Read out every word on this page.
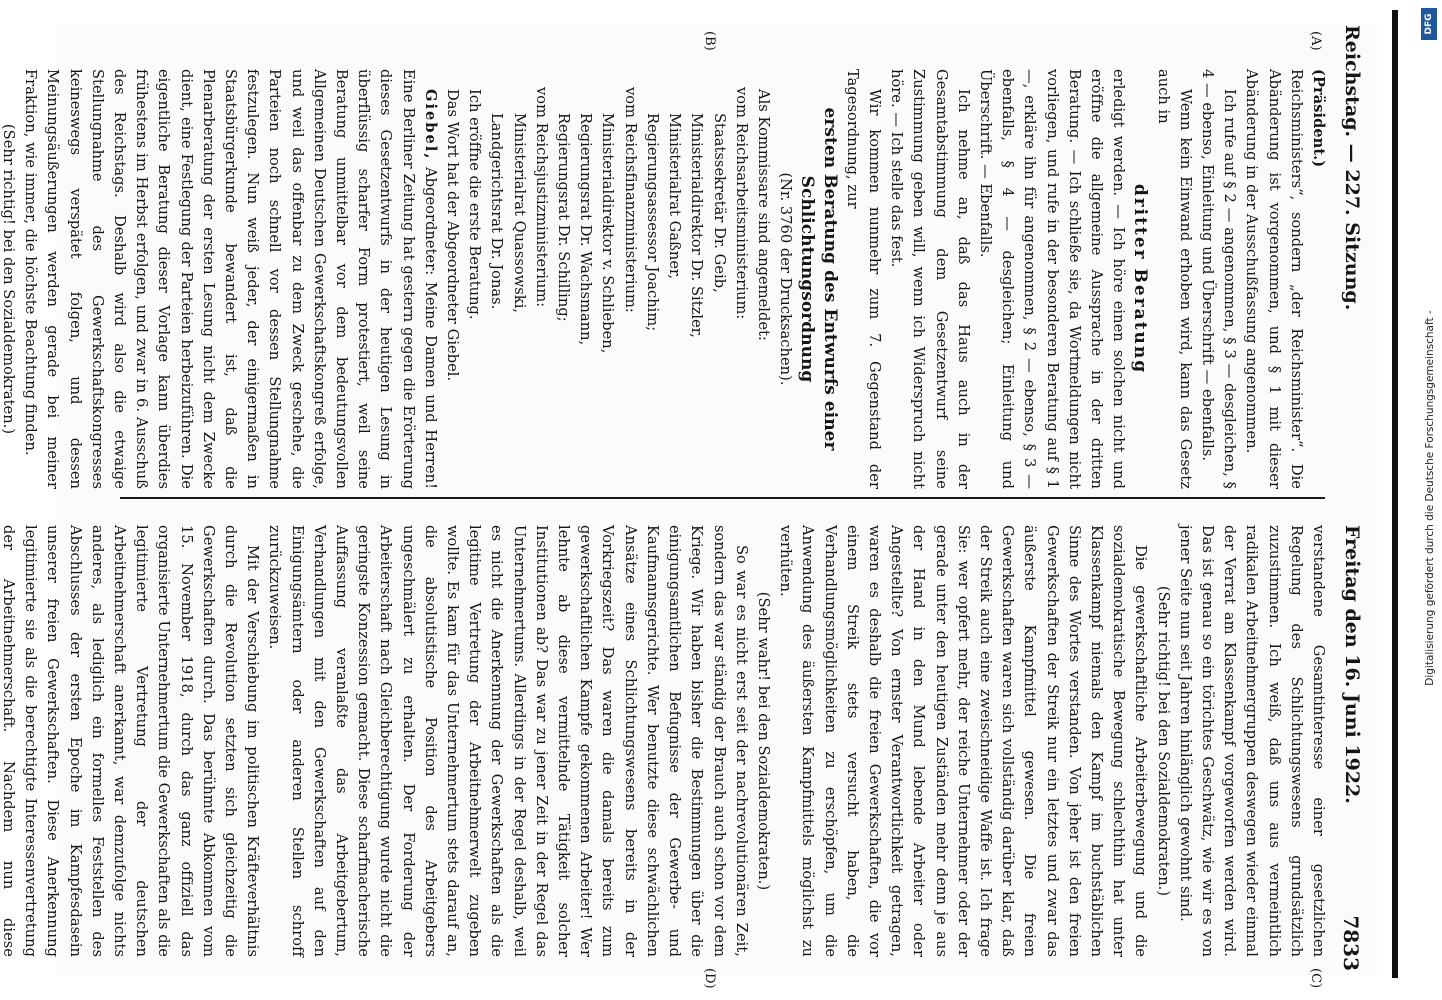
Reichstag. — 227. Sitzung.
Freitag den 16. Juni 1922.
7833
(A)
(B)
(C)
(D)

(Präsident.)

Reichsministers“, sondern „der Reichsminister“. Die Abänderung ist vorgenommen, und § 1 mit dieser Abänderung in der Ausschußfassung angenommen.

Ich rufe auf § 2 — angenommen, § 3 — desgleichen, § 4 — ebenso, Einleitung und Überschrift — ebenfalls.

Wenn kein Einwand erhoben wird, kann das Gesetz auch in

dritter Beratung

erledigt werden. — Ich höre einen solchen nicht und eröffne die allgemeine Aussprache in der dritten Beratung. — Ich schließe sie, da Wortmeldungen nicht vorliegen, und rufe in der besonderen Beratung auf § 1 —, erkläre ihn für angenommen, § 2 — ebenso, § 3 — ebenfalls, § 4 — desgleichen; Einleitung und Überschrift. — Ebenfalls.

Ich nehme an, daß das Haus auch in der Gesamtabstimmung dem Gesetzentwurf seine Zustimmung geben will, wenn ich Widerspruch nicht höre. — Ich stelle das fest.

Wir kommen nunmehr zum 7. Gegenstand der Tagesordnung, zur

ersten Beratung des Entwurfs einer Schlichtungsordnung

(Nr. 3760 der Drucksachen).

Als Kommissare sind angemeldet:

vom Reichsarbeitsministerium:

Staatssekretär Dr. Geib,

Ministerialdirektor Dr. Sitzler,

Ministerialrat Gaßner,

Regierungsassessor Joachim;

vom Reichsfinanzministerium:

Ministerialdirektor v. Schlieben,

Regierungsrat Dr. Wachsmann,

Regierungsrat Dr. Schilling;

vom Reichsjustizministerium:

Ministerialrat Quassowski,

Landgerichtsrat Dr. Jonas.

Ich eröffne die erste Beratung.

Das Wort hat der Abgeordneter Giebel.

Giebel, Abgeordneter: Meine Damen und Herren! Eine Berliner Zeitung hat gestern gegen die Erörterung dieses Gesetzentwurfs in der heutigen Lesung in überflüssig scharfer Form protestiert, weil seine Beratung unmittelbar vor dem bedeutungsvollen Allgemeinen Deutschen Gewerkschaftskongreß erfolge, und weil das offenbar zu dem Zweck geschehe, die Parteien noch schnell vor dessen Stellungnahme festzulegen. Nun weiß jeder, der einigermaßen in Staatsbürgerkunde bewandert ist, daß die Plenarberatung der ersten Lesung nicht dem Zwecke dient, eine Festlegung der Parteien herbeizuführen. Die eigentliche Beratung dieser Vorlage kann überdies frühestens im Herbst erfolgen, und zwar in 6. Ausschuß des Reichstags. Deshalb wird also die etwaige Stellungnahme des Gewerkschaftskongresses keineswegs verspätet folgen, und dessen Meinungsäußerungen werden gerade bei meiner Fraktion, wie immer, die höchste Beachtung finden.

(Sehr richtig! bei den Sozialdemokraten.)

verstandene Gesamtinteresse einer gesetzlichen Regelung des Schlichtungswesens grundsätzlich zuzustimmen. Ich weiß, daß uns aus vermeintlich radikalen Arbeitnehmergruppen deswegen wieder einmal der Verrat am Klassenkampf vorgeworfen werden wird. Das ist genau so ein törichtes Geschwätz, wie wir es von jener Seite nun seit Jahren hinlänglich gewohnt sind.

(Sehr richtig! bei den Sozialdemokraten.)

Die gewerkschaftliche Arbeiterbewegung und die sozialdemokratische Bewegung schlechthin hat unter Klassenkampf niemals den Kampf im buchstäblichen Sinne des Wortes verstanden. Von jeher ist den freien Gewerkschaften der Streik nur ein letztes und zwar das äußerste Kampfmittel gewesen. Die freien Gewerkschaften waren sich vollständig darüber klar, daß der Streik auch eine zweischneidige Waffe ist. Ich frage Sie: wer opfert mehr, der reiche Unternehmer oder der gerade unter den heutigen Zuständen mehr denn je aus der Hand in den Mund lebende Arbeiter oder Angestellte? Von ernster Verantwortlichkeit getragen, waren es deshalb die freien Gewerkschaften, die vor einem Streik stets versucht haben, die Verhandlungsmöglichkeiten zu erschöpfen, um die Anwendung des äußersten Kampfmittels möglichst zu verhüten.

(Sehr wahr! bei den Sozialdemokraten.)

So war es nicht erst seit der nachrevolutionären Zeit, sondern das war ständig der Brauch auch schon vor dem Kriege. Wir haben bisher die Bestimmungen über die einigungsamtlichen Befugnisse der Gewerbe- und Kaufmannsgerichte. Wer benutzte diese schwächlichen Ansätze eines Schlichtungswesens bereits in der Vorkriegszeit? Das waren die damals bereits zum gewerkschaftlichen Kampfe gekommenen Arbeiter! Wer lehnte ab diese vermittelnde Tätigkeit solcher Institutionen ab? Das war zu jener Zeit in der Regel das Unternehmertums. Allerdings in der Regel deshalb, weil es nicht die Anerkennung der Gewerkschaften als die legitime Vertretung der Arbeitnehmerwelt zugeben wollte. Es kam für das Unternehmertum stets darauf an, die absolutistische Position des Arbeitgebers ungeschmälert zu erhalten. Der Forderung der Arbeiterschaft nach Gleichberechtigung wurde nicht die geringste Konzession gemacht. Diese scharfmacherische Auffassung veranlaßte das Arbeitgebertum, Verhandlungen mit den Gewerkschaften auf den Einigungsämtern oder anderen Stellen schroff zurückzuweisen.

Mit der Verschiebung im politischen Kräfteverhältnis durch die Revolution setzten sich gleichzeitig die Gewerkschaften durch. Das berühmte Abkommen vom 15. November 1918, durch das ganz offiziell das organisierte Unternehmertum die Gewerkschaften als die legitimierte Vertretung der deutschen Arbeitnehmerschaft anerkannt, war demzufolge nichts anderes, als lediglich ein formelles Feststellen des Abschlusses der ersten Epoche im Kampfesdasein unserer freien Gewerkschaften. Diese Anerkennung legitimierte sie als die berechtigte Interessenvertretung der Arbeitnehmerschaft. Nachdem nun diese

Digitalisierung gefördert durch die Deutsche Forschungsgemeinschaft -
DFG
